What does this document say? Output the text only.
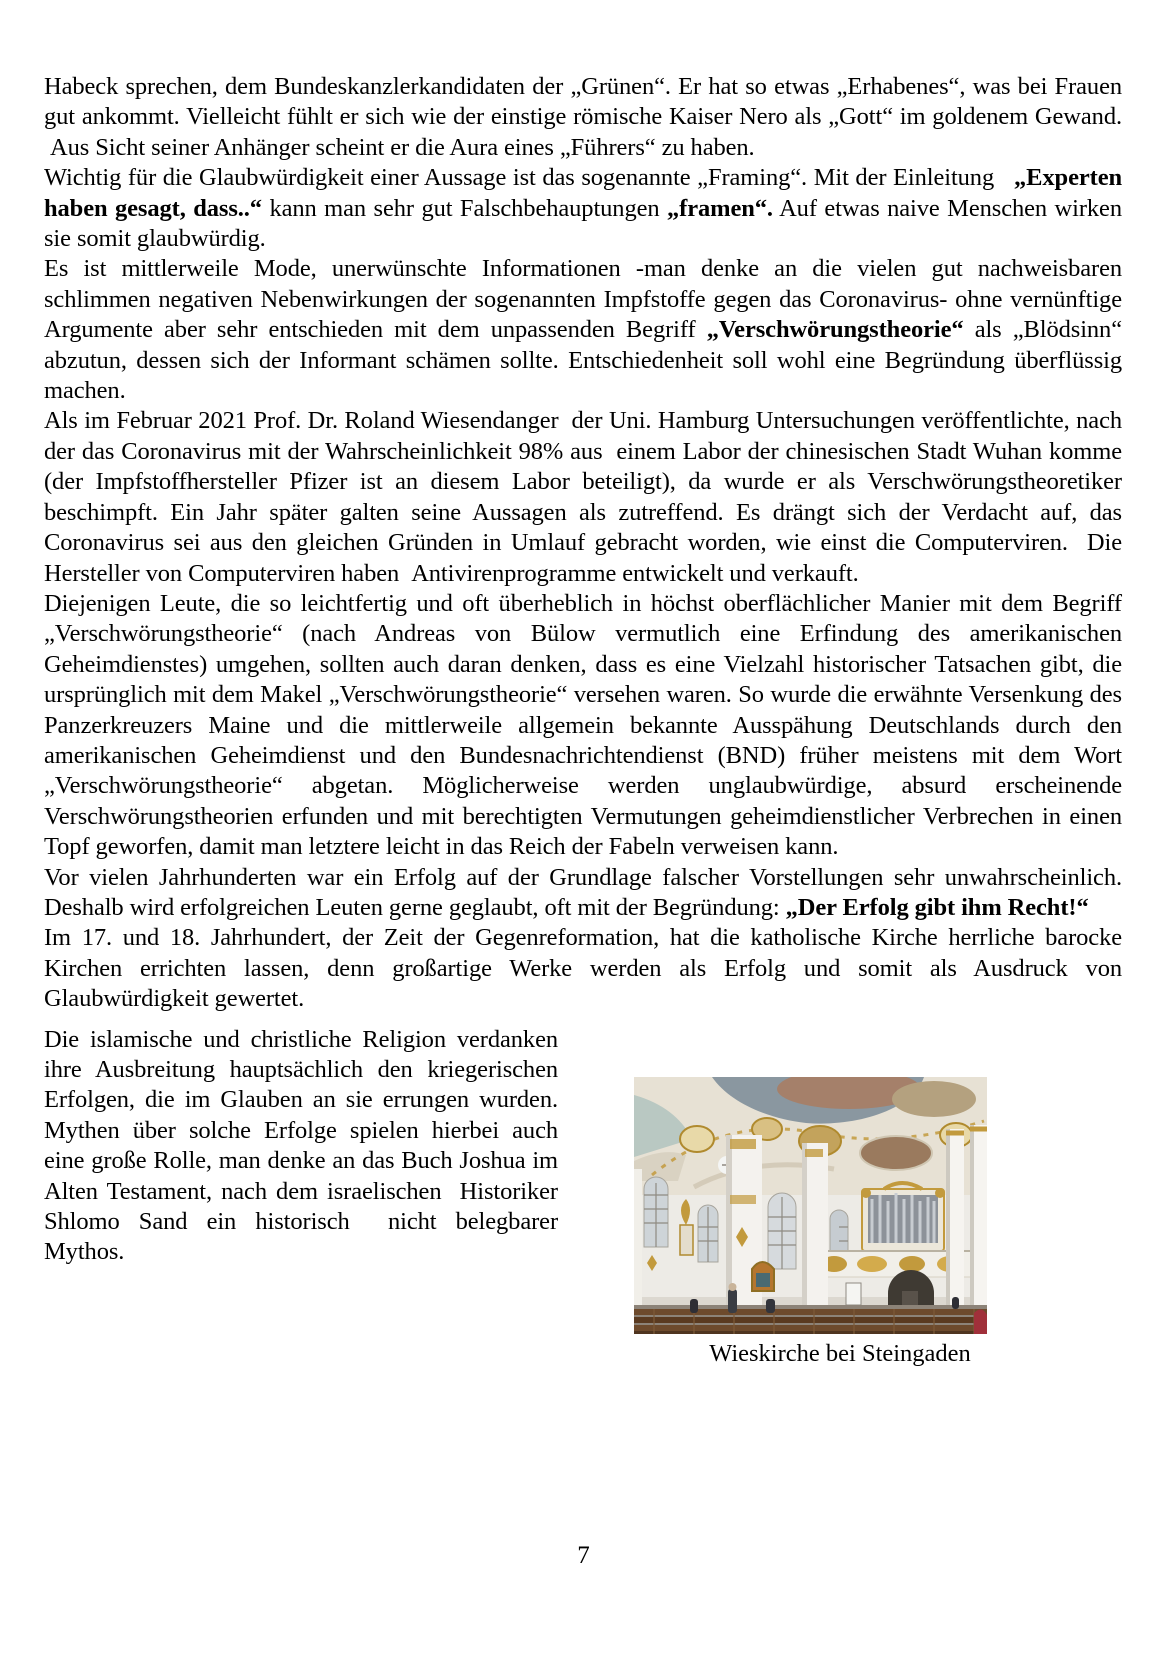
Habeck sprechen, dem Bundeskanzlerkandidaten der „Grünen“. Er hat so etwas „Erhabenes“, was bei Frauen gut ankommt. Vielleicht fühlt er sich wie der einstige römische Kaiser Nero als „Gott“ im goldenem Gewand.  Aus Sicht seiner Anhänger scheint er die Aura eines „Führers“ zu haben.

Wichtig für die Glaubwürdigkeit einer Aussage ist das sogenannte „Framing“. Mit der Einleitung   „Experten haben gesagt, dass..“ kann man sehr gut Falschbehauptungen „framen“. Auf etwas naive Menschen wirken sie somit glaubwürdig.

Es ist mittlerweile Mode, unerwünschte Informationen -man denke an die vielen gut nachweisbaren schlimmen negativen Nebenwirkungen der sogenannten Impfstoffe gegen das Coronavirus- ohne vernünftige Argumente aber sehr entschieden mit dem unpassenden Begriff „Verschwörungstheorie“ als „Blödsinn“ abzutun, dessen sich der Informant schämen sollte. Entschiedenheit soll wohl eine Begründung überflüssig machen.

Als im Februar 2021 Prof. Dr. Roland Wiesendanger  der Uni. Hamburg Untersuchungen veröffentlichte, nach der das Coronavirus mit der Wahrscheinlichkeit 98% aus  einem Labor der chinesischen Stadt Wuhan komme (der Impfstoffhersteller Pfizer ist an diesem Labor beteiligt), da wurde er als Verschwörungstheoretiker beschimpft. Ein Jahr später galten seine Aussagen als zutreffend. Es drängt sich der Verdacht auf, das Coronavirus sei aus den gleichen Gründen in Umlauf gebracht worden, wie einst die Computerviren.  Die Hersteller von Computerviren haben  Antivirenprogramme entwickelt und verkauft.

Diejenigen Leute, die so leichtfertig und oft überheblich in höchst oberflächlicher Manier mit dem Begriff „Verschwörungstheorie“ (nach Andreas von Bülow vermutlich eine Erfindung des amerikanischen Geheimdienstes) umgehen, sollten auch daran denken, dass es eine Vielzahl historischer Tatsachen gibt, die ursprünglich mit dem Makel „Verschwörungstheorie“ versehen waren. So wurde die erwähnte Versenkung des Panzerkreuzers Maine und die mittlerweile allgemein bekannte Ausspähung Deutschlands durch den amerikanischen Geheimdienst und den Bundesnachrichtendienst (BND) früher meistens mit dem Wort „Verschwörungstheorie“ abgetan. Möglicherweise werden unglaubwürdige, absurd erscheinende Verschwörungstheorien erfunden und mit berechtigten Vermutungen geheimdienstlicher Verbrechen in einen Topf geworfen, damit man letztere leicht in das Reich der Fabeln verweisen kann.

Vor vielen Jahrhunderten war ein Erfolg auf der Grundlage falscher Vorstellungen sehr unwahrscheinlich. Deshalb wird erfolgreichen Leuten gerne geglaubt, oft mit der Begründung: „Der Erfolg gibt ihm Recht!“

Im 17. und 18. Jahrhundert, der Zeit der Gegenreformation, hat die katholische Kirche herrliche barocke Kirchen errichten lassen, denn großartige Werke werden als Erfolg und somit als Ausdruck von Glaubwürdigkeit gewertet.

Die islamische und christliche Religion verdanken ihre Ausbreitung hauptsächlich den kriegerischen Erfolgen, die im Glauben an sie errungen wurden. Mythen über solche Erfolge spielen hierbei auch eine große Rolle, man denke an das Buch Joshua im Alten Testament, nach dem israelischen  Historiker Shlomo Sand ein historisch  nicht belegbarer Mythos.

Wieskirche bei Steingaden
7
